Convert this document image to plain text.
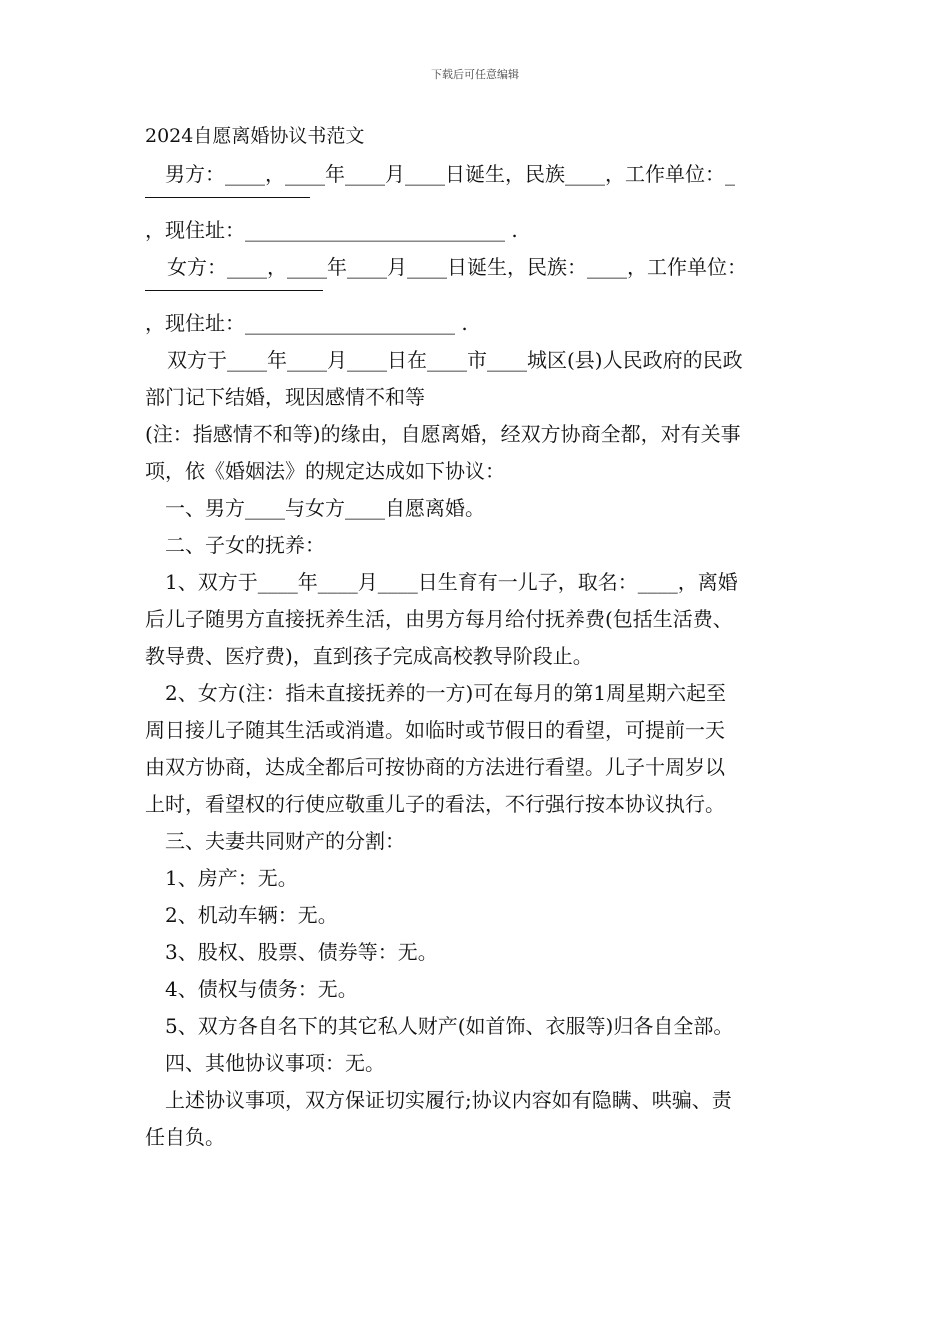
下载后可任意编辑

2024自愿离婚协议书范文

男方：____，____年____月____日诞生，民族____，工作单位：_

，现住址：__________________________ .

女方：____，____年____月____日诞生，民族：____，工作单位：

，现住址：_____________________ .

双方于____年____月____日在____市____城区(县)人民政府的民政

部门记下结婚，现因感情不和等

(注：指感情不和等)的缘由，自愿离婚，经双方协商全都，对有关事

项，依《婚姻法》的规定达成如下协议：

一、男方____与女方____自愿离婚。

二、子女的抚养：

1、双方于____年____月____日生育有一儿子，取名：____，离婚

后儿子随男方直接抚养生活，由男方每月给付抚养费(包括生活费、

教导费、医疗费)，直到孩子完成高校教导阶段止。

2、女方(注：指未直接抚养的一方)可在每月的第1周星期六起至

周日接儿子随其生活或消遣。如临时或节假日的看望，可提前一天

由双方协商，达成全都后可按协商的方法进行看望。儿子十周岁以

上时，看望权的行使应敬重儿子的看法，不行强行按本协议执行。

三、夫妻共同财产的分割：

1、房产：无。

2、机动车辆：无。

3、股权、股票、债券等：无。

4、债权与债务：无。

5、双方各自名下的其它私人财产(如首饰、衣服等)归各自全部。

四、其他协议事项：无。

上述协议事项，双方保证切实履行;协议内容如有隐瞒、哄骗、责

任自负。
